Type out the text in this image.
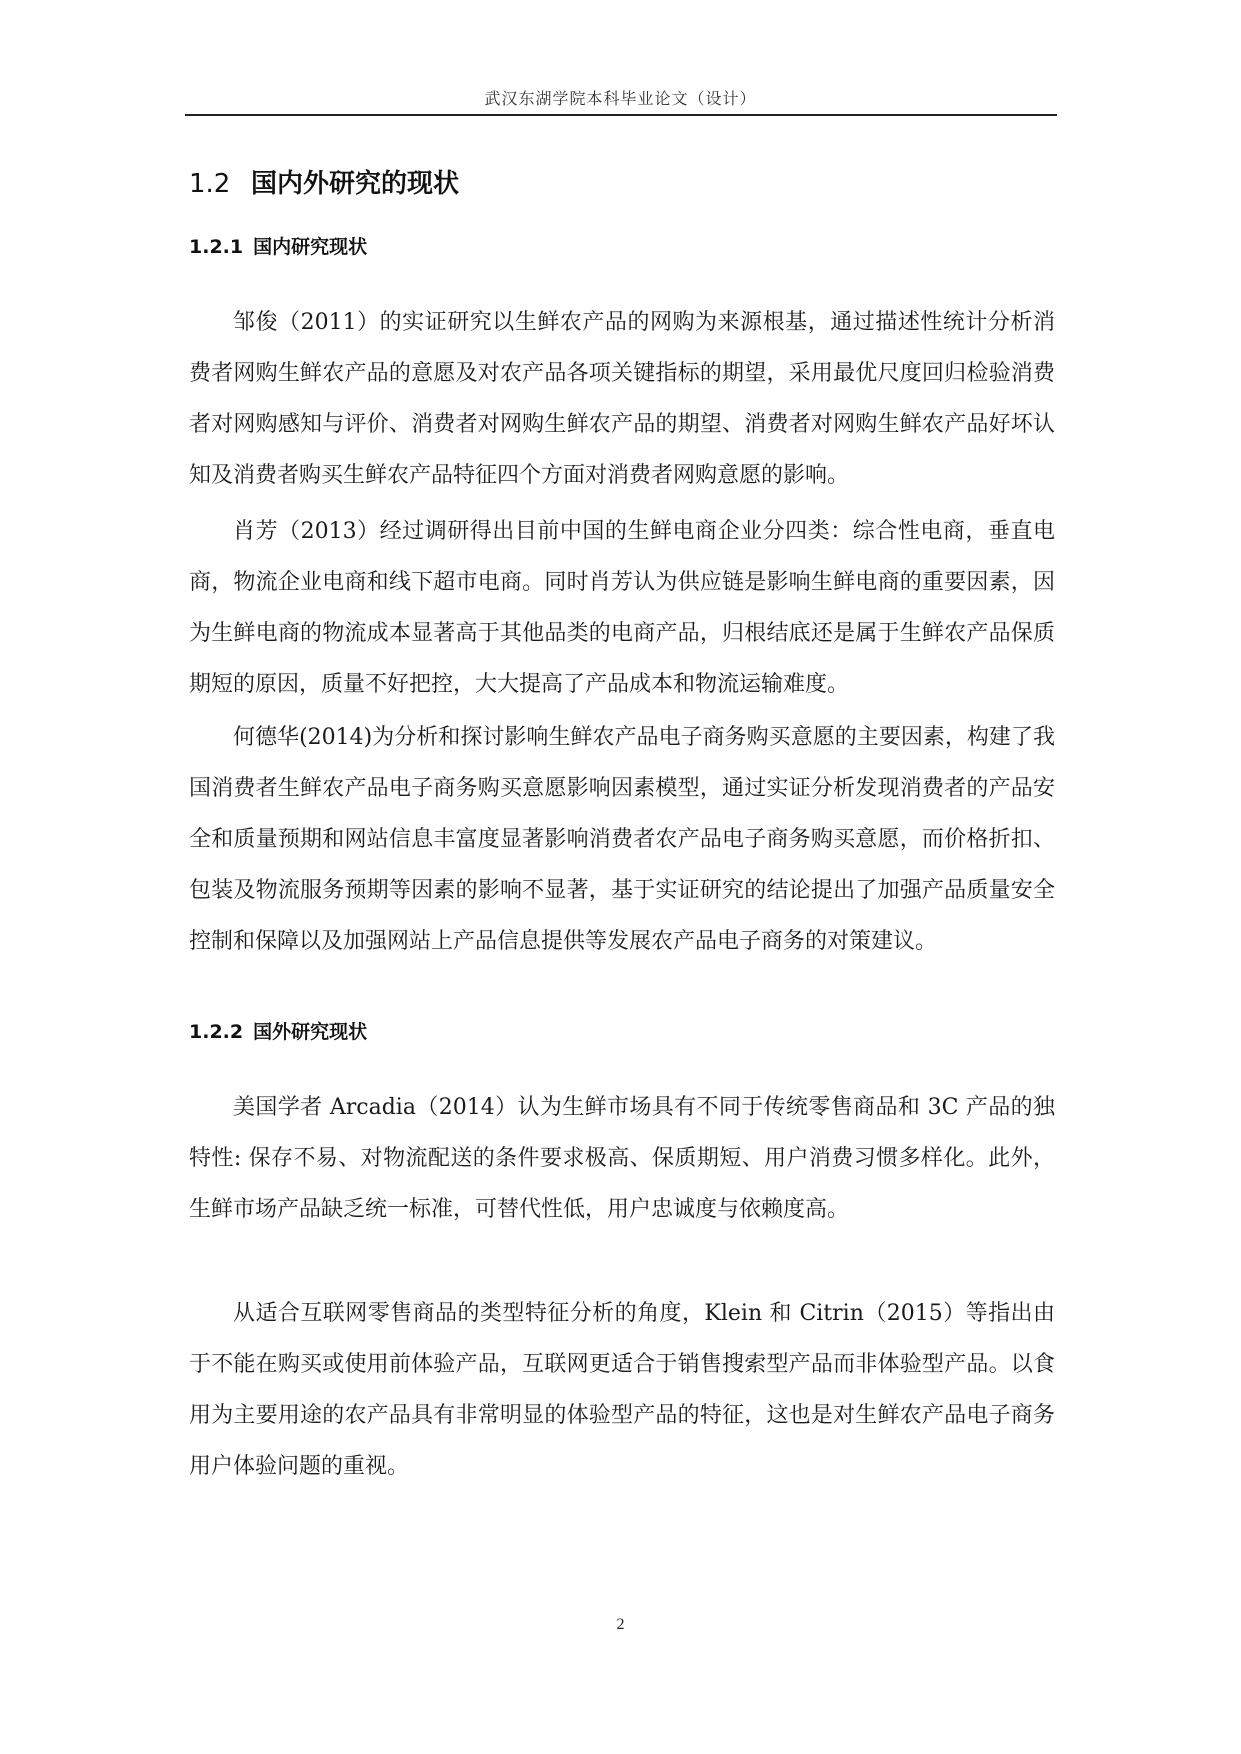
武汉东湖学院本科毕业论文（设计）
1.2 国内外研究的现状
1.2.1 国内研究现状

邹俊（2011）的实证研究以生鲜农产品的网购为来源根基，通过描述性统计分析消费者网购生鲜农产品的意愿及对农产品各项关键指标的期望，采用最优尺度回归检验消费者对网购感知与评价、消费者对网购生鲜农产品的期望、消费者对网购生鲜农产品好坏认知及消费者购买生鲜农产品特征四个方面对消费者网购意愿的影响。

肖芳（2013）经过调研得出目前中国的生鲜电商企业分四类：综合性电商，垂直电商，物流企业电商和线下超市电商。同时肖芳认为供应链是影响生鲜电商的重要因素，因为生鲜电商的物流成本显著高于其他品类的电商产品，归根结底还是属于生鲜农产品保质期短的原因，质量不好把控，大大提高了产品成本和物流运输难度。

何德华(2014)为分析和探讨影响生鲜农产品电子商务购买意愿的主要因素，构建了我国消费者生鲜农产品电子商务购买意愿影响因素模型，通过实证分析发现消费者的产品安全和质量预期和网站信息丰富度显著影响消费者农产品电子商务购买意愿，而价格折扣、包装及物流服务预期等因素的影响不显著，基于实证研究的结论提出了加强产品质量安全控制和保障以及加强网站上产品信息提供等发展农产品电子商务的对策建议。

1.2.2 国外研究现状

美国学者 Arcadia（2014）认为生鲜市场具有不同于传统零售商品和 3C 产品的独特性: 保存不易、对物流配送的条件要求极高、保质期短、用户消费习惯多样化。此外，生鲜市场产品缺乏统一标准，可替代性低，用户忠诚度与依赖度高。

从适合互联网零售商品的类型特征分析的角度，Klein 和 Citrin（2015）等指出由于不能在购买或使用前体验产品，互联网更适合于销售搜索型产品而非体验型产品。以食用为主要用途的农产品具有非常明显的体验型产品的特征，这也是对生鲜农产品电子商务用户体验问题的重视。

2
